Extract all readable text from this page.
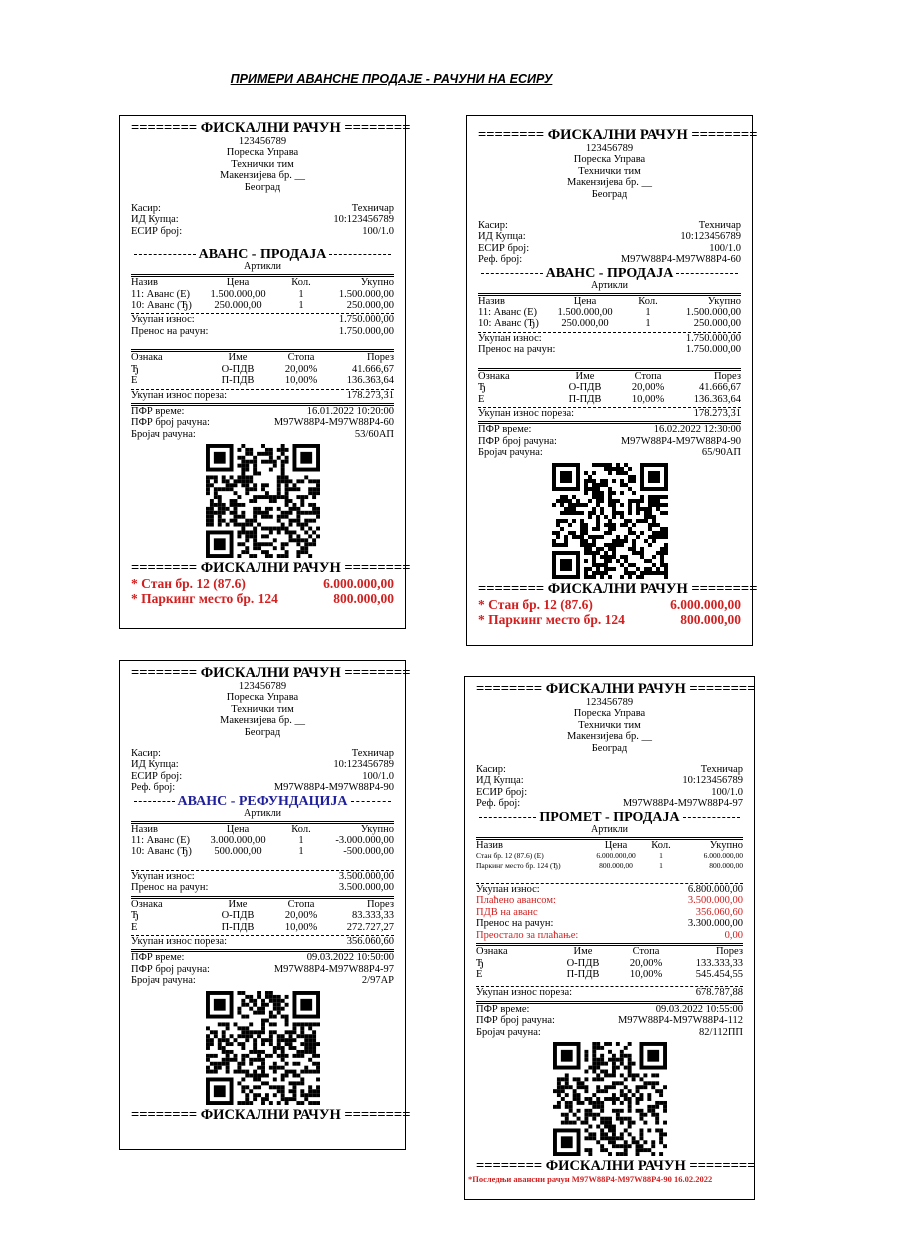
ПРИМЕРИ АВАНСНЕ ПРОДАЈЕ - РАЧУНИ НА ЕСИРУ
======== ФИСКАЛНИ РАЧУН ========
123456789
Пореска Управа
Технички тим
Макензијева бр. __
Београд
Касир:	Техничар
ИД Купца:	10:123456789
ЕСИР број:	100/1.0
АВАНС - ПРОДАЈА
Артикли
Назив	Цена	Кол.	Укупно
11: Аванс (Е)	1.500.000,00	1	1.500.000,00
10: Аванс (Ђ)	250.000,00	1	250.000,00
Укупан износ:	1.750.000,00
Пренос на рачун:	1.750.000,00
Ознака	Име	Стопа	Порез
Ђ	О-ПДВ	20,00%	41.666,67
Е	П-ПДВ	10,00%	136.363,64
Укупан износ пореза:	178.273,31
ПФР време:	16.01.2022 10:20:00
ПФР број рачуна:	M97W88P4-M97W88P4-60
Бројач рачуна:	53/60АП
======== ФИСКАЛНИ РАЧУН ========
* Стан бр. 12 (87.6)	6.000.000,00
* Паркинг место бр. 124	800.000,00
======== ФИСКАЛНИ РАЧУН ========
123456789
Пореска Управа
Технички тим
Макензијева бр. __
Београд
Касир:	Техничар
ИД Купца:	10:123456789
ЕСИР број:	100/1.0
Реф. број:	M97W88P4-M97W88P4-60
АВАНС - ПРОДАЈА
Артикли
Назив	Цена	Кол.	Укупно
11: Аванс (Е)	1.500.000,00	1	1.500.000,00
10: Аванс (Ђ)	250.000,00	1	250.000,00
Укупан износ:	1.750.000,00
Пренос на рачун:	1.750.000,00
Ознака	Име	Стопа	Порез
Ђ	О-ПДВ	20,00%	41.666,67
Е	П-ПДВ	10,00%	136.363,64
Укупан износ пореза:	178.273,31
ПФР време:	16.02.2022 12:30:00
ПФР број рачуна:	M97W88P4-M97W88P4-90
Бројач рачуна:	65/90АП
======== ФИСКАЛНИ РАЧУН ========
* Стан бр. 12 (87.6)	6.000.000,00
* Паркинг место бр. 124	800.000,00
======== ФИСКАЛНИ РАЧУН ========
123456789
Пореска Управа
Технички тим
Макензијева бр. __
Београд
Касир:	Техничар
ИД Купца:	10:123456789
ЕСИР број:	100/1.0
Реф. број:	M97W88P4-M97W88P4-90
АВАНС - РЕФУНДАЦИЈА
Артикли
Назив	Цена	Кол.	Укупно
11: Аванс (Е)	3.000.000,00	1	-3.000.000,00
10: Аванс (Ђ)	500.000,00	1	-500.000,00
Укупан износ:	3.500.000,00
Пренос на рачун:	3.500.000,00
Ознака	Име	Стопа	Порез
Ђ	О-ПДВ	20,00%	83.333,33
Е	П-ПДВ	10,00%	272.727,27
Укупан износ пореза:	356.060,60
ПФР време:	09.03.2022 10:50:00
ПФР број рачуна:	M97W88P4-M97W88P4-97
Бројач рачуна:	2/97АР
======== ФИСКАЛНИ РАЧУН ========
======== ФИСКАЛНИ РАЧУН ========
123456789
Пореска Управа
Технички тим
Макензијева бр. __
Београд
Касир:	Техничар
ИД Купца:	10:123456789
ЕСИР број:	100/1.0
Реф. број:	M97W88P4-M97W88P4-97
ПРОМЕТ - ПРОДАЈА
Артикли
Назив	Цена	Кол.	Укупно
Стан бр. 12 (87.6) (Е)	6.000.000,00	1	6.000.000,00
Паркинг место бр. 124 (Ђ)	800.000,00	1	800.000,00
Укупан износ:	6.800.000,00
Плаћено авансом:	3.500.000,00
ПДВ на аванс	356.060,60
Пренос на рачун:	3.300.000,00
Преостало за плаћање:	0,00
Ознака	Име	Стопа	Порез
Ђ	О-ПДВ	20,00%	133.333,33
Е	П-ПДВ	10,00%	545.454,55
Укупан износ пореза:	678.787,88
ПФР време:	09.03.2022 10:55:00
ПФР број рачуна:	M97W88P4-M97W88P4-112
Бројач рачуна:	82/112ПП
======== ФИСКАЛНИ РАЧУН ========
*Последњи авансни рачун M97W88P4-M97W88P4-90 16.02.2022
